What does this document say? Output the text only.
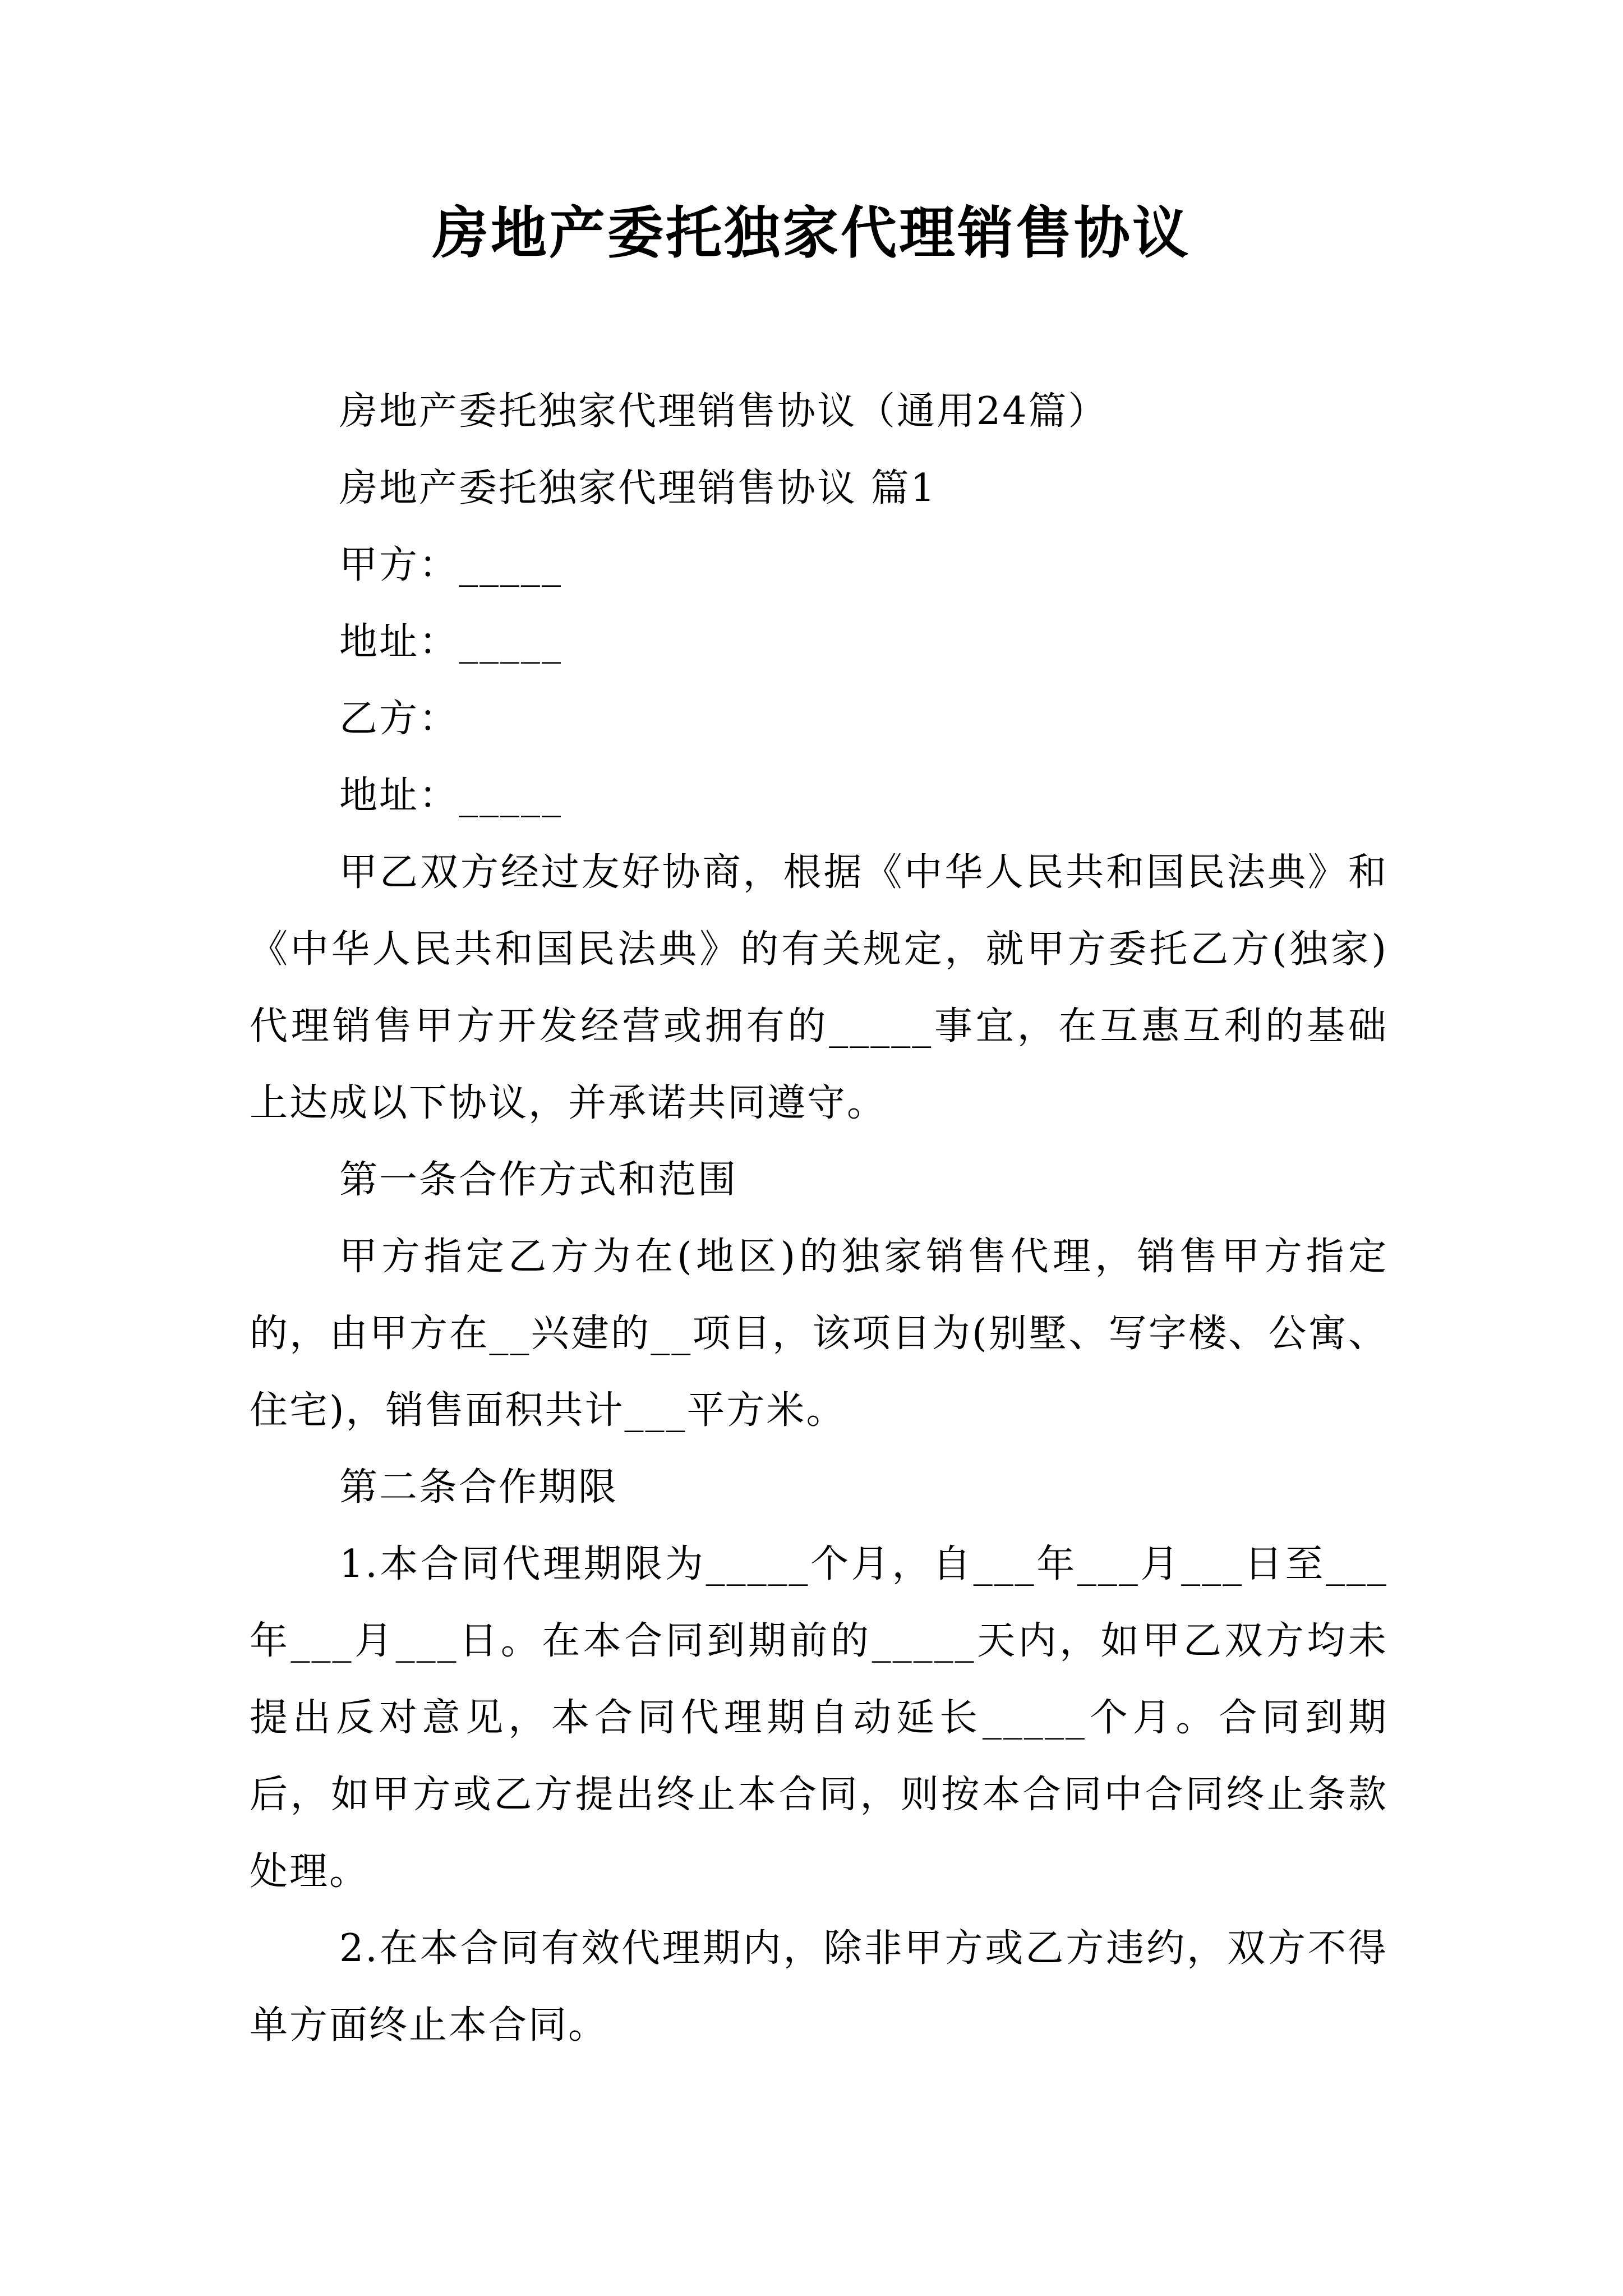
房地产委托独家代理销售协议

房地产委托独家代理销售协议（通用24篇）

房地产委托独家代理销售协议 篇1

甲方：_____

地址：_____

乙方：

地址：_____

甲乙双方经过友好协商，根据《中华人民共和国民法典》和《中华人民共和国民法典》的有关规定，就甲方委托乙方(独家)代理销售甲方开发经营或拥有的_____事宜，在互惠互利的基础上达成以下协议，并承诺共同遵守。

第一条合作方式和范围

甲方指定乙方为在(地区)的独家销售代理，销售甲方指定的，由甲方在__兴建的__项目，该项目为(别墅、写字楼、公寓、住宅)，销售面积共计___平方米。

第二条合作期限

1.本合同代理期限为_____个月，自___年___月___日至___年___月___日。在本合同到期前的_____天内，如甲乙双方均未提出反对意见，本合同代理期自动延长_____个月。合同到期后，如甲方或乙方提出终止本合同，则按本合同中合同终止条款处理。

2.在本合同有效代理期内，除非甲方或乙方违约，双方不得单方面终止本合同。
